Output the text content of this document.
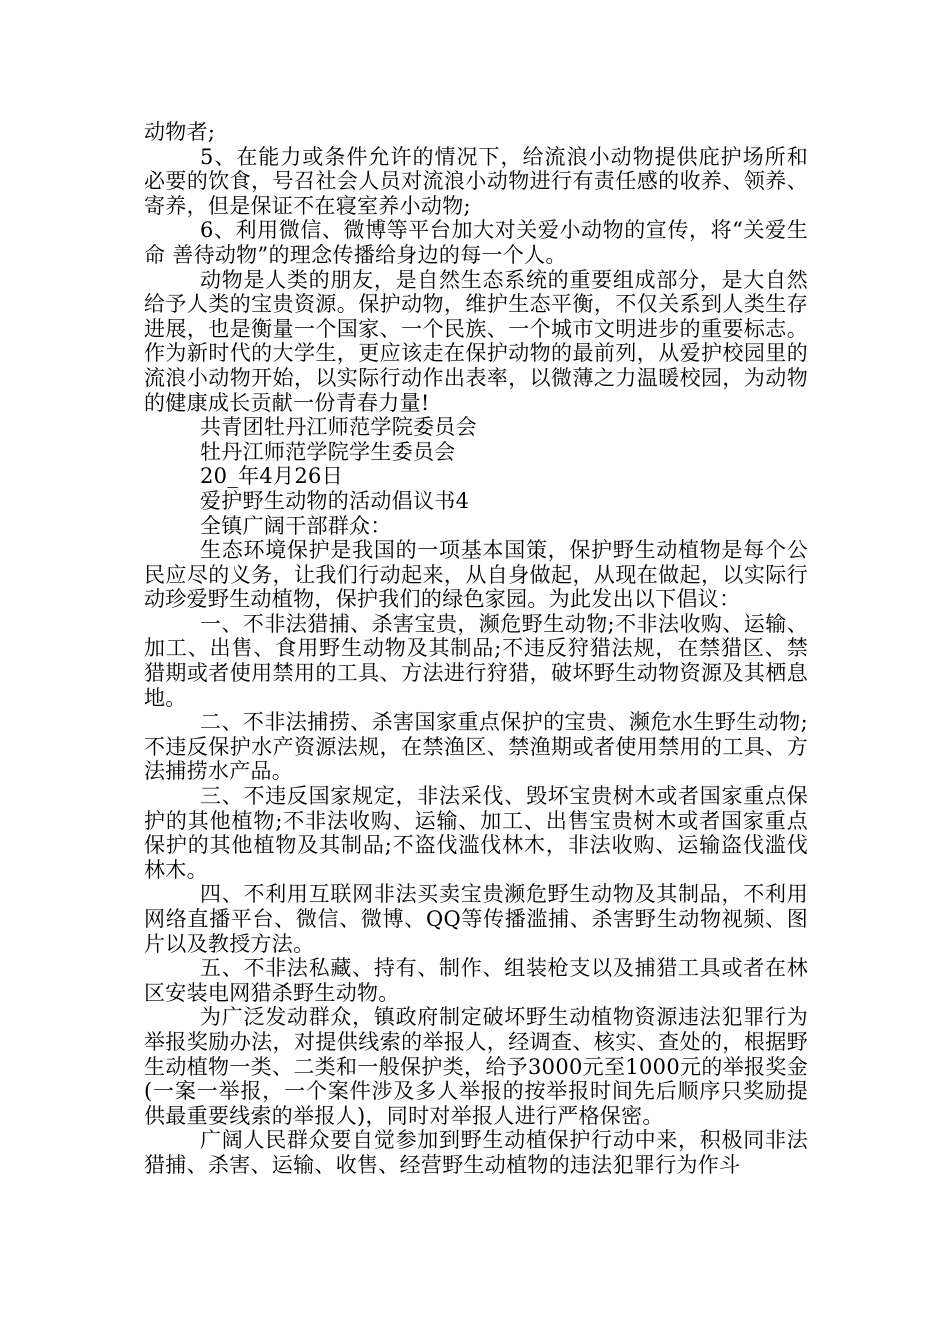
动物者;

5、在能力或条件允许的情况下，给流浪小动物提供庇护场所和必要的饮食，号召社会人员对流浪小动物进行有责任感的收养、领养、寄养，但是保证不在寝室养小动物;

6、利用微信、微博等平台加大对关爱小动物的宣传，将“关爱生命 善待动物”的理念传播给身边的每一个人。

动物是人类的朋友，是自然生态系统的重要组成部分，是大自然给予人类的宝贵资源。保护动物，维护生态平衡，不仅关系到人类生存进展，也是衡量一个国家、一个民族、一个城市文明进步的重要标志。作为新时代的大学生，更应该走在保护动物的最前列，从爱护校园里的流浪小动物开始，以实际行动作出表率，以微薄之力温暖校园，为动物的健康成长贡献一份青春力量!

共青团牡丹江师范学院委员会

牡丹江师范学院学生委员会

20_年4月26日

爱护野生动物的活动倡议书4

全镇广阔干部群众：

生态环境保护是我国的一项基本国策，保护野生动植物是每个公民应尽的义务，让我们行动起来，从自身做起，从现在做起，以实际行动珍爱野生动植物，保护我们的绿色家园。为此发出以下倡议：

一、不非法猎捕、杀害宝贵，濒危野生动物;不非法收购、运输、加工、出售、食用野生动物及其制品;不违反狩猎法规，在禁猎区、禁猎期或者使用禁用的工具、方法进行狩猎，破坏野生动物资源及其栖息地。

二、不非法捕捞、杀害国家重点保护的宝贵、濒危水生野生动物;不违反保护水产资源法规，在禁渔区、禁渔期或者使用禁用的工具、方法捕捞水产品。

三、不违反国家规定，非法采伐、毁坏宝贵树木或者国家重点保护的其他植物;不非法收购、运输、加工、出售宝贵树木或者国家重点保护的其他植物及其制品;不盗伐滥伐林木，非法收购、运输盗伐滥伐林木。

四、不利用互联网非法买卖宝贵濒危野生动物及其制品，不利用网络直播平台、微信、微博、QQ等传播滥捕、杀害野生动物视频、图片以及教授方法。

五、不非法私藏、持有、制作、组装枪支以及捕猎工具或者在林区安装电网猎杀野生动物。

为广泛发动群众，镇政府制定破坏野生动植物资源违法犯罪行为举报奖励办法，对提供线索的举报人，经调查、核实、查处的，根据野生动植物一类、二类和一般保护类，给予3000元至1000元的举报奖金(一案一举报，一个案件涉及多人举报的按举报时间先后顺序只奖励提供最重要线索的举报人)，同时对举报人进行严格保密。

广阔人民群众要自觉参加到野生动植保护行动中来，积极同非法猎捕、杀害、运输、收售、经营野生动植物的违法犯罪行为作斗
